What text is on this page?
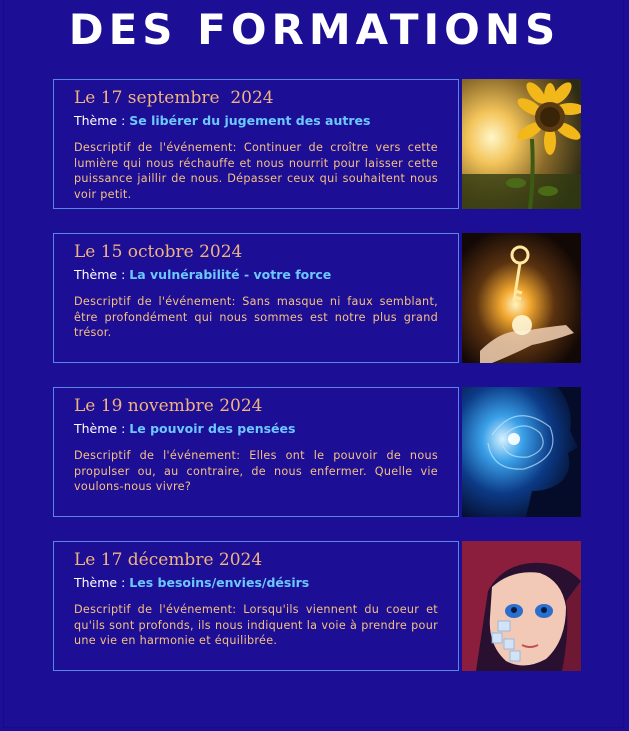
DES FORMATIONS
Le 17 septembre  2024
Thème : Se libérer du jugement des autres
Descriptif de l'événement: Continuer de croître vers cette lumière qui nous réchauffe et nous nourrit pour laisser cette puissance jaillir de nous. Dépasser ceux qui souhaitent nous voir petit.
Le 15 octobre 2024
Thème : La vulnérabilité - votre force
Descriptif de l'événement: Sans masque ni faux semblant, être profondément qui nous sommes est notre plus grand trésor.
Le 19 novembre 2024
Thème : Le pouvoir des pensées
Descriptif de l'événement: Elles ont le pouvoir de nous propulser ou, au contraire, de nous enfermer. Quelle vie voulons-nous vivre?
Le 17 décembre 2024
Thème : Les besoins/envies/désirs
Descriptif de l'événement: Lorsqu'ils viennent du coeur et qu'ils sont profonds, ils nous indiquent la voie à prendre pour une vie en harmonie et équilibrée.
